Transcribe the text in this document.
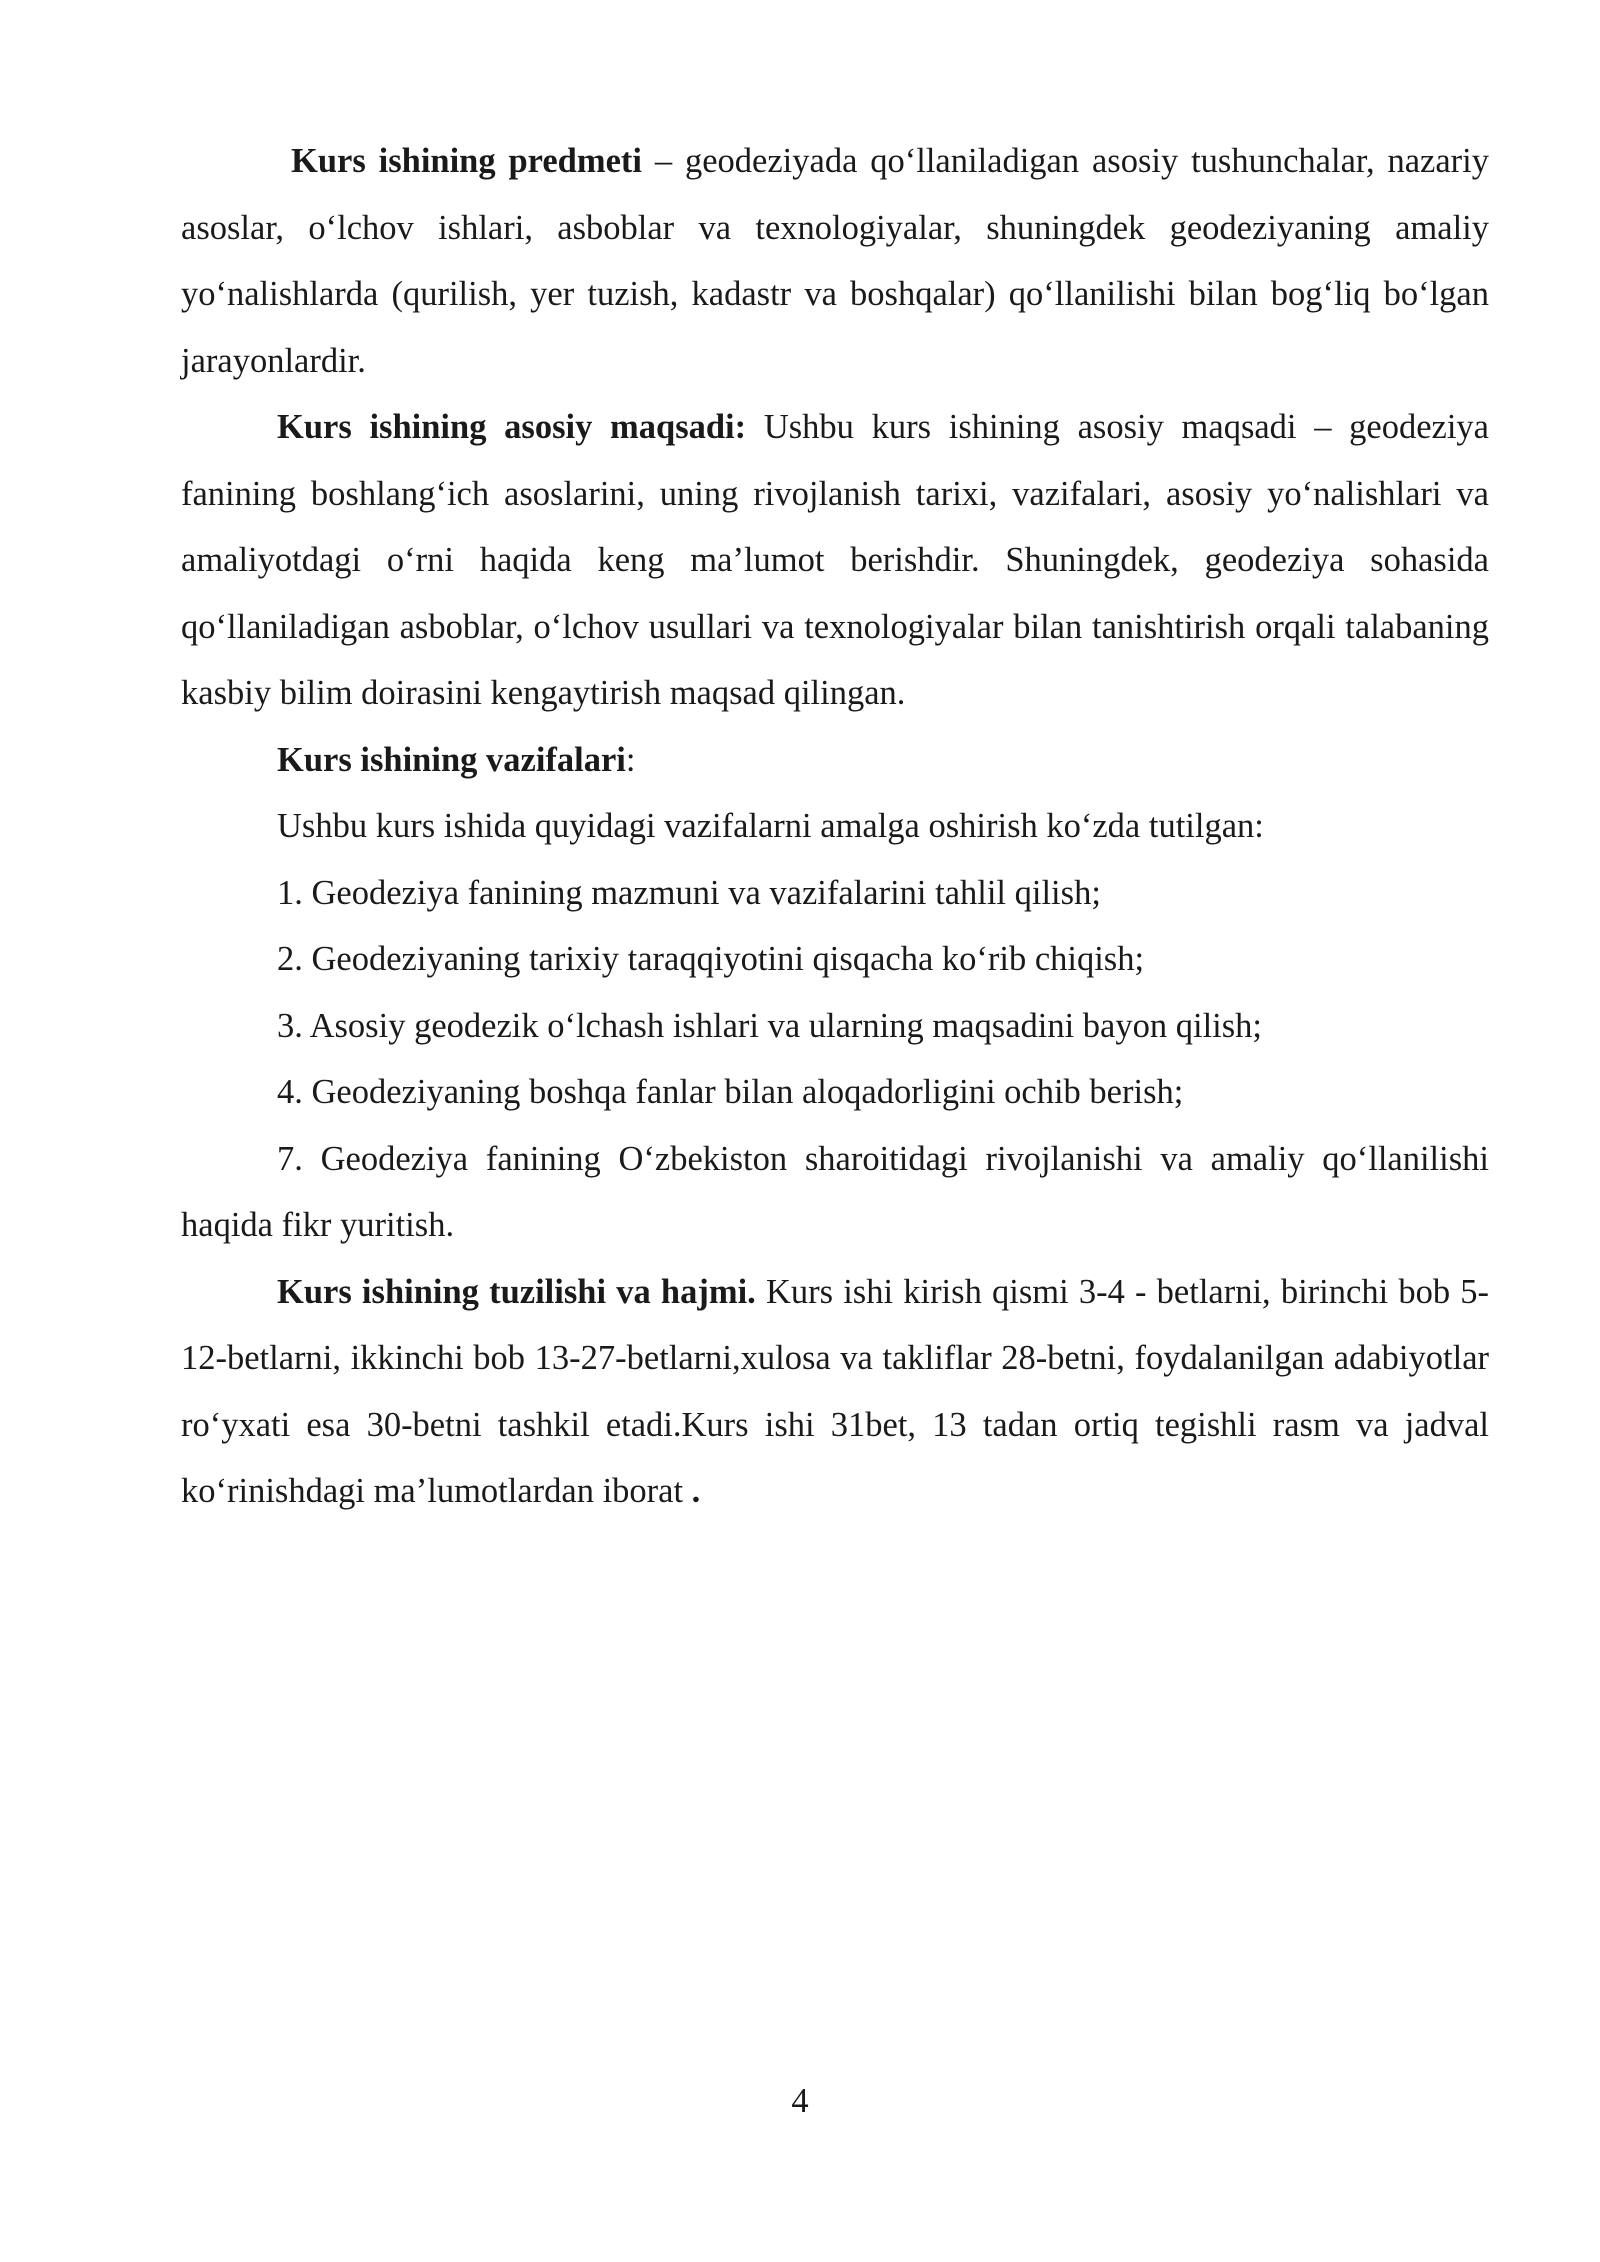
Kurs ishining predmeti – geodeziyada qo‘llaniladigan asosiy tushunchalar, nazariy asoslar, o‘lchov ishlari, asboblar va texnologiyalar, shuningdek geodeziyaning amaliy yo‘nalishlarda (qurilish, yer tuzish, kadastr va boshqalar) qo‘llanilishi bilan bog‘liq bo‘lgan jarayonlardir.

Kurs ishining asosiy maqsadi: Ushbu kurs ishining asosiy maqsadi – geodeziya fanining boshlang‘ich asoslarini, uning rivojlanish tarixi, vazifalari, asosiy yo‘nalishlari va amaliyotdagi o‘rni haqida keng ma’lumot berishdir. Shuningdek, geodeziya sohasida qo‘llaniladigan asboblar, o‘lchov usullari va texnologiyalar bilan tanishtirish orqali talabaning kasbiy bilim doirasini kengaytirish maqsad qilingan.

Kurs ishining vazifalari:

Ushbu kurs ishida quyidagi vazifalarni amalga oshirish ko‘zda tutilgan:

1. Geodeziya fanining mazmuni va vazifalarini tahlil qilish;

2. Geodeziyaning tarixiy taraqqiyotini qisqacha ko‘rib chiqish;

3. Asosiy geodezik o‘lchash ishlari va ularning maqsadini bayon qilish;

4. Geodeziyaning boshqa fanlar bilan aloqadorligini ochib berish;

7. Geodeziya fanining O‘zbekiston sharoitidagi rivojlanishi va amaliy qo‘llanilishi haqida fikr yuritish.

Kurs ishining tuzilishi va hajmi. Kurs ishi kirish qismi 3-4 - betlarni, birinchi bob 5-12-betlarni, ikkinchi bob 13-27-betlarni,xulosa va takliflar 28-betni, foydalanilgan adabiyotlar ro‘yxati esa 30-betni tashkil etadi.Kurs ishi 31bet, 13 tadan ortiq tegishli rasm va jadval ko‘rinishdagi ma’lumotlardan iborat .

4
